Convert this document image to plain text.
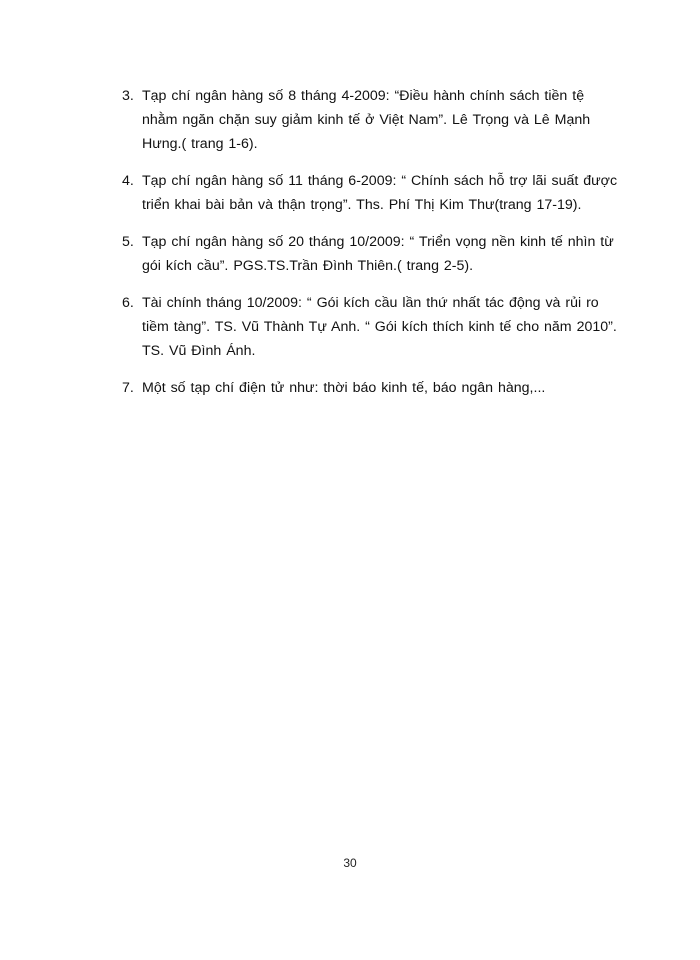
3. Tạp chí ngân hàng số 8 tháng 4-2009: “Điều hành chính sách tiền tệ nhằm ngăn chặn suy giảm kinh tế ở Việt Nam”. Lê Trọng và Lê Mạnh Hưng.( trang 1-6).
4. Tạp chí ngân hàng số 11 tháng 6-2009: “ Chính sách hỗ trợ lãi suất được triển khai bài bản và thận trọng”. Ths. Phí Thị Kim Thư(trang 17-19).
5. Tạp chí ngân hàng số 20 tháng 10/2009: “ Triển vọng nền kinh tế nhìn từ gói kích cầu”. PGS.TS.Trần Đình Thiên.( trang 2-5).
6. Tài chính tháng 10/2009: “ Gói kích cầu lần thứ nhất tác động và rủi ro tiềm tàng”. TS. Vũ Thành Tự Anh. “ Gói kích thích kinh tế cho năm 2010”. TS. Vũ Đình Ánh.
7. Một số tạp chí điện tử như: thời báo kinh tế, báo ngân hàng,...
30
